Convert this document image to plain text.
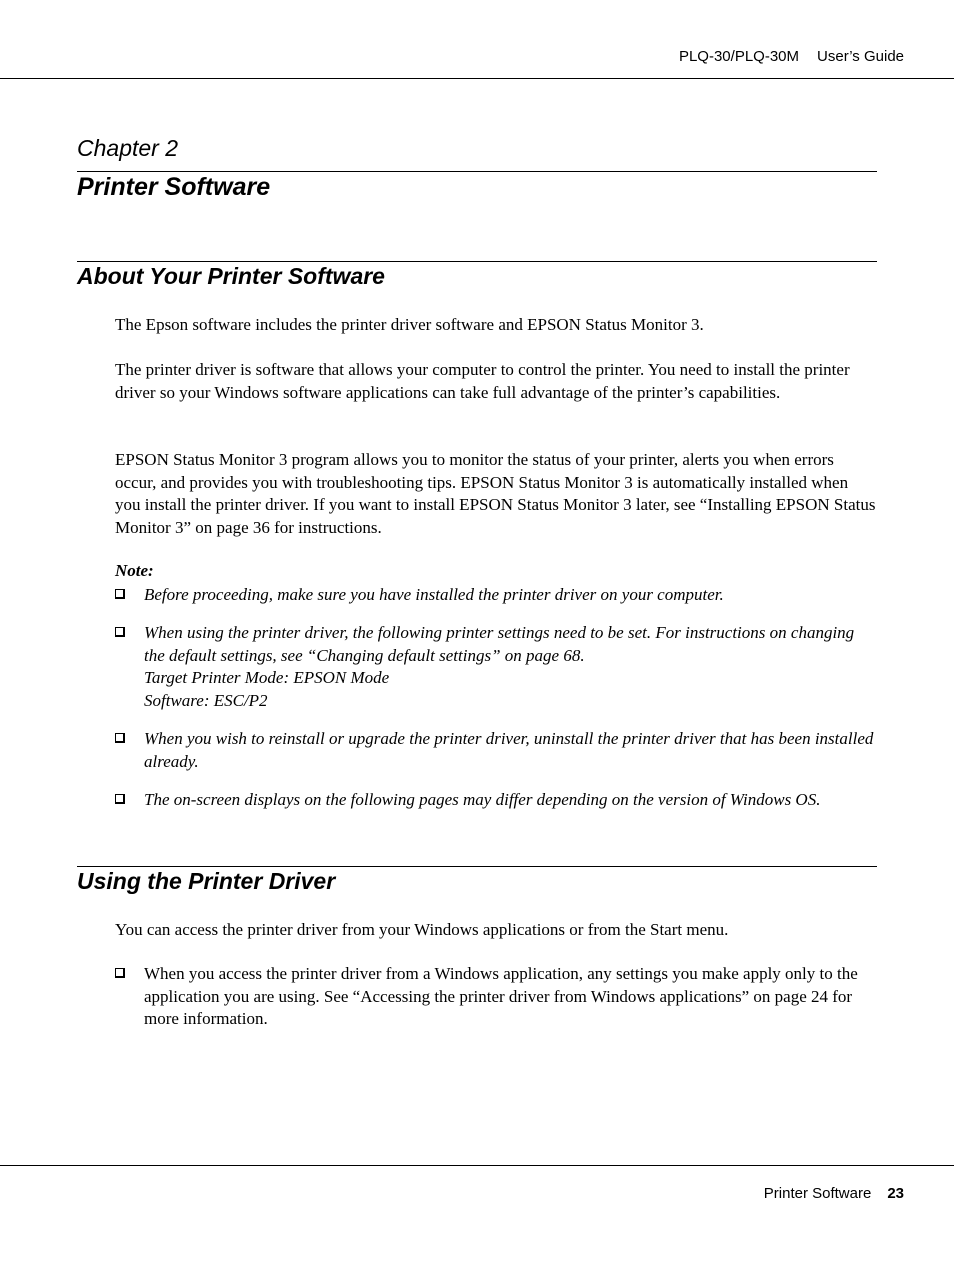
PLQ-30/PLQ-30M User’s Guide
Chapter 2
Printer Software
About Your Printer Software
The Epson software includes the printer driver software and EPSON Status Monitor 3.
The printer driver is software that allows your computer to control the printer. You need to install the printer driver so your Windows software applications can take full advantage of the printer’s capabilities.
EPSON Status Monitor 3 program allows you to monitor the status of your printer, alerts you when errors occur, and provides you with troubleshooting tips. EPSON Status Monitor 3 is automatically installed when you install the printer driver. If you want to install EPSON Status Monitor 3 later, see “Installing EPSON Status Monitor 3” on page 36 for instructions.
Note:
Before proceeding, make sure you have installed the printer driver on your computer.
When using the printer driver, the following printer settings need to be set. For instructions on changing the default settings, see “Changing default settings” on page 68.
Target Printer Mode: EPSON Mode
Software: ESC/P2
When you wish to reinstall or upgrade the printer driver, uninstall the printer driver that has been installed already.
The on-screen displays on the following pages may differ depending on the version of Windows OS.
Using the Printer Driver
You can access the printer driver from your Windows applications or from the Start menu.
When you access the printer driver from a Windows application, any settings you make apply only to the application you are using. See “Accessing the printer driver from Windows applications” on page 24 for more information.
Printer Software 23
